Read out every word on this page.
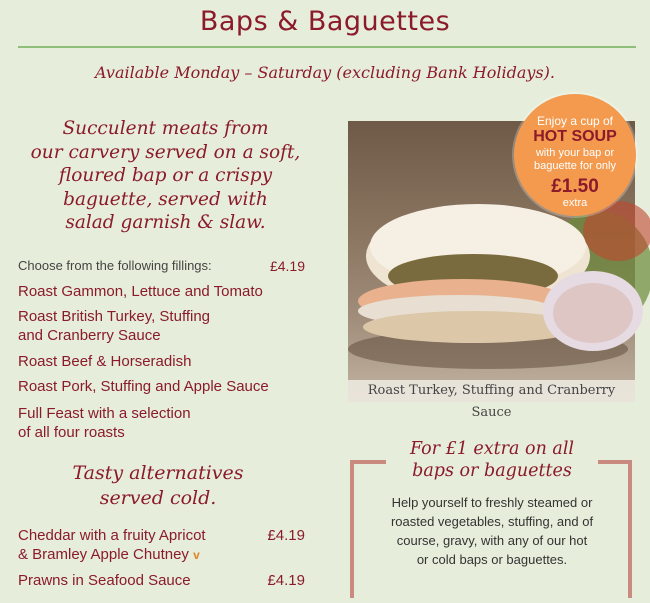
Baps & Baguettes
Available Monday – Saturday (excluding Bank Holidays).
Succulent meats from
our carvery served on a soft,
floured bap or a crispy
baguette, served with
salad garnish & slaw.
Choose from the following fillings:	£4.19
Roast Gammon, Lettuce and Tomato
Roast British Turkey, Stuffing
and Cranberry Sauce
Roast Beef & Horseradish
Roast Pork, Stuffing and Apple Sauce
Full Feast with a selection
of all four roasts
Tasty alternatives
served cold.
Cheddar with a fruity Apricot
& Bramley Apple Chutney v
£4.19
Prawns in Seafood Sauce	£4.19
Roast Turkey, Stuffing and Cranberry Sauce
Enjoy a cup of
HOT SOUP
with your bap or
baguette for only
£1.50
extra
For £1 extra on all
baps or baguettes
Help yourself to freshly steamed or
roasted vegetables, stuffing, and of
course, gravy, with any of our hot
or cold baps or baguettes.
